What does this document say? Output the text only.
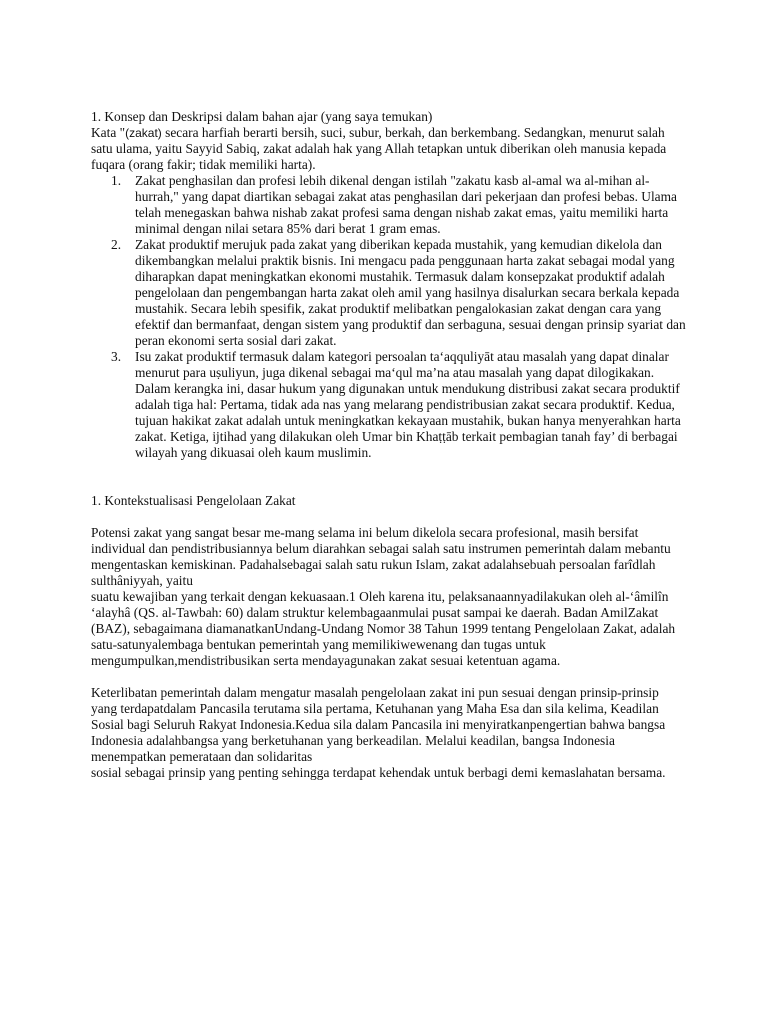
1. Konsep dan Deskripsi dalam bahan ajar (yang saya temukan)

Kata "(zakat) secara harfiah berarti bersih, suci, subur, berkah, dan berkembang. Sedangkan, menurut salah satu ulama, yaitu Sayyid Sabiq, zakat adalah hak yang Allah tetapkan untuk diberikan oleh manusia kepada fuqara (orang fakir; tidak memiliki harta).

1. Zakat penghasilan dan profesi lebih dikenal dengan istilah "zakatu kasb al-amal wa al-mihan al-hurrah," yang dapat diartikan sebagai zakat atas penghasilan dari pekerjaan dan profesi bebas. Ulama telah menegaskan bahwa nishab zakat profesi sama dengan nishab zakat emas, yaitu memiliki harta minimal dengan nilai setara 85% dari berat 1 gram emas.
2. Zakat produktif merujuk pada zakat yang diberikan kepada mustahik, yang kemudian dikelola dan dikembangkan melalui praktik bisnis. Ini mengacu pada penggunaan harta zakat sebagai modal yang diharapkan dapat meningkatkan ekonomi mustahik. Termasuk dalam konsepzakat produktif adalah pengelolaan dan pengembangan harta zakat oleh amil yang hasilnya disalurkan secara berkala kepada mustahik. Secara lebih spesifik, zakat produktif melibatkan pengalokasian zakat dengan cara yang efektif dan bermanfaat, dengan sistem yang produktif dan serbaguna, sesuai dengan prinsip syariat dan peran ekonomi serta sosial dari zakat.
3. Isu zakat produktif termasuk dalam kategori persoalan ta‘aqquliyāt atau masalah yang dapat dinalar menurut para uṣuliyun, juga dikenal sebagai ma‘qul ma’na atau masalah yang dapat dilogikakan. Dalam kerangka ini, dasar hukum yang digunakan untuk mendukung distribusi zakat secara produktif adalah tiga hal: Pertama, tidak ada nas yang melarang pendistribusian zakat secara produktif. Kedua, tujuan hakikat zakat adalah untuk meningkatkan kekayaan mustahik, bukan hanya menyerahkan harta zakat. Ketiga, ijtihad yang dilakukan oleh Umar bin Khaṭṭāb terkait pembagian tanah fay’ di berbagai wilayah yang dikuasai oleh kaum muslimin.

1. Kontekstualisasi Pengelolaan Zakat

Potensi zakat yang sangat besar me-mang selama ini belum dikelola secara profesional, masih bersifat individual dan pendistribusiannya belum diarahkan sebagai salah satu instrumen pemerintah dalam mebantu mengentaskan kemiskinan. Padahalsebagai salah satu rukun Islam, zakat adalahsebuah persoalan farîdlah sulthâniyyah, yaitu

suatu kewajiban yang terkait dengan kekuasaan.1 Oleh karena itu, pelaksanaannyadilakukan oleh al-‘âmilîn ‘alayhâ (QS. al-Tawbah: 60) dalam struktur kelembagaanmulai pusat sampai ke daerah. Badan AmilZakat (BAZ), sebagaimana diamanatkanUndang-Undang Nomor 38 Tahun 1999 tentang Pengelolaan Zakat, adalah satu-satunyalembaga bentukan pemerintah yang memilikiwewenang dan tugas untuk mengumpulkan,mendistribusikan serta mendayagunakan zakat sesuai ketentuan agama.

Keterlibatan pemerintah dalam mengatur masalah pengelolaan zakat ini pun sesuai dengan prinsip-prinsip yang terdapatdalam Pancasila terutama sila pertama, Ketuhanan yang Maha Esa dan sila kelima, Keadilan Sosial bagi Seluruh Rakyat Indonesia.Kedua sila dalam Pancasila ini menyiratkanpengertian bahwa bangsa Indonesia adalahbangsa yang berketuhanan yang berkeadilan. Melalui keadilan, bangsa Indonesia menempatkan pemerataan dan solidaritas

sosial sebagai prinsip yang penting sehingga terdapat kehendak untuk berbagi demi kemaslahatan bersama.
